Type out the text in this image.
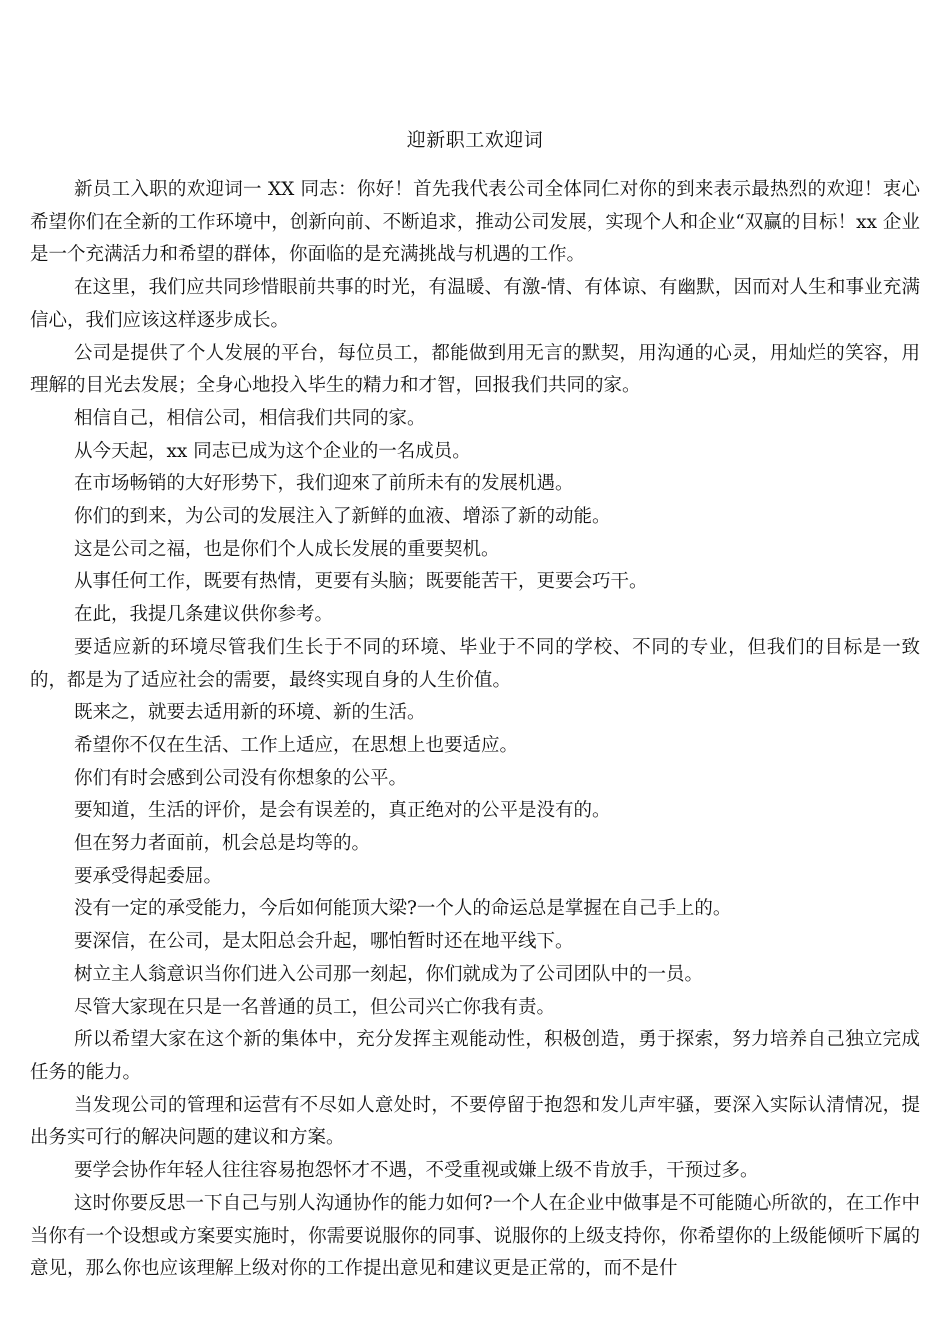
迎新职工欢迎词

新员工入职的欢迎词一 XX 同志：你好！首先我代表公司全体同仁对你的到来表示最热烈的欢迎！衷心希望你们在全新的工作环境中，创新向前、不断追求，推动公司发展，实现个人和企业“双赢的目标！xx 企业是一个充满活力和希望的群体，你面临的是充满挑战与机遇的工作。

在这里，我们应共同珍惜眼前共事的时光，有温暖、有激-情、有体谅、有幽默，因而对人生和事业充满信心，我们应该这样逐步成长。

公司是提供了个人发展的平台，每位员工，都能做到用无言的默契，用沟通的心灵，用灿烂的笑容，用理解的目光去发展；全身心地投入毕生的精力和才智，回报我们共同的家。

相信自己，相信公司，相信我们共同的家。

从今天起，xx 同志已成为这个企业的一名成员。

在市场畅销的大好形势下，我们迎來了前所未有的发展机遇。

你们的到来，为公司的发展注入了新鲜的血液、增添了新的动能。

这是公司之福，也是你们个人成长发展的重要契机。

从事任何工作，既要有热情，更要有头脑；既要能苦干，更要会巧干。

在此，我提几条建议供你参考。

要适应新的环境尽管我们生长于不同的环境、毕业于不同的学校、不同的专业，但我们的目标是一致的，都是为了适应社会的需要，最终实现自身的人生价值。

既来之，就要去适用新的环境、新的生活。

希望你不仅在生活、工作上适应，在思想上也要适应。

你们有时会感到公司没有你想象的公平。

要知道，生活的评价，是会有误差的，真正绝对的公平是没有的。

但在努力者面前，机会总是均等的。

要承受得起委屈。

没有一定的承受能力，今后如何能顶大梁?一个人的命运总是掌握在自己手上的。

要深信，在公司，是太阳总会升起，哪怕暂时还在地平线下。

树立主人翁意识当你们进入公司那一刻起，你们就成为了公司团队中的一员。

尽管大家现在只是一名普通的员工，但公司兴亡你我有责。

所以希望大家在这个新的集体中，充分发挥主观能动性，积极创造，勇于探索，努力培养自己独立完成任务的能力。

当发现公司的管理和运营有不尽如人意处时，不要停留于抱怨和发儿声牢骚，要深入实际认清情况，提出务实可行的解决问题的建议和方案。

要学会协作年轻人往往容易抱怨怀才不遇，不受重视或嫌上级不肯放手，干预过多。

这时你要反思一下自己与别人沟通协作的能力如何?一个人在企业中做事是不可能随心所欲的，在工作中当你有一个设想或方案要实施时，你需要说服你的同事、说服你的上级支持你，你希望你的上级能倾听下属的意见，那么你也应该理解上级对你的工作提出意见和建议更是正常的，而不是什
